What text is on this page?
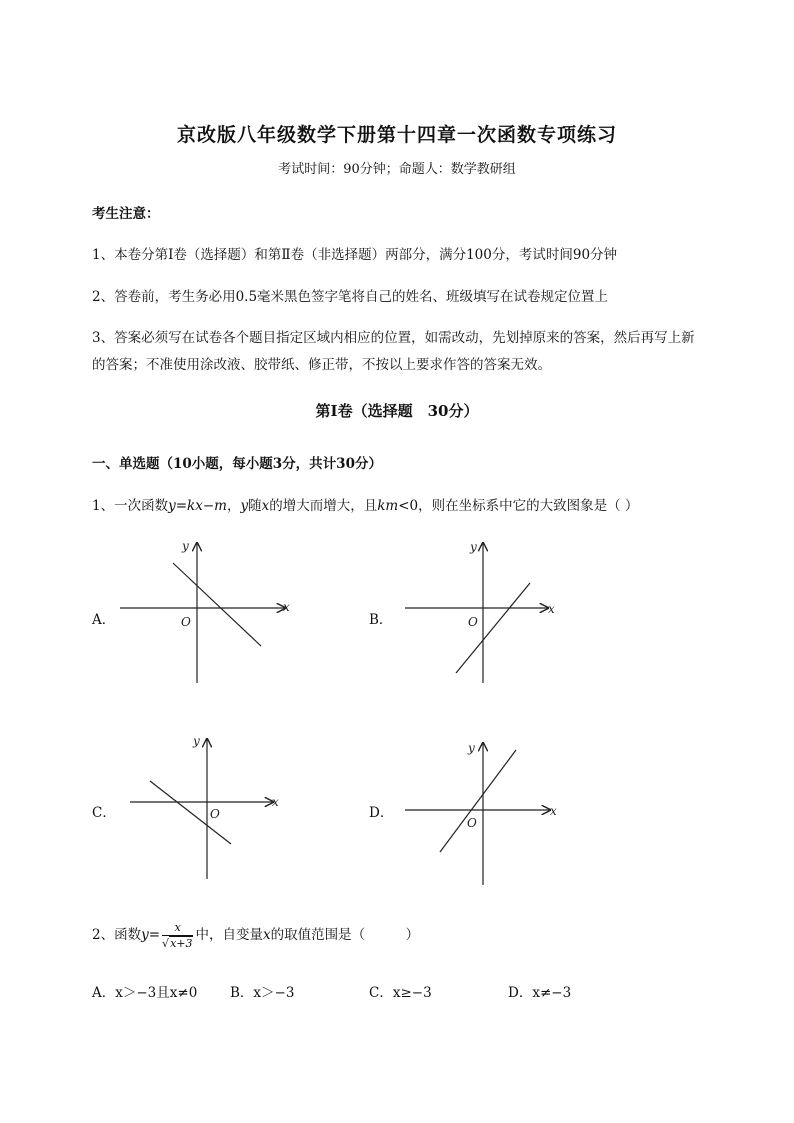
京改版八年级数学下册第十四章一次函数专项练习
考试时间：90分钟；命题人：数学教研组
考生注意：
1、本卷分第Ⅰ卷（选择题）和第Ⅱ卷（非选择题）两部分，满分100分，考试时间90分钟
2、答卷前，考生务必用0.5毫米黑色签字笔将自己的姓名、班级填写在试卷规定位置上
3、答案必须写在试卷各个题目指定区域内相应的位置，如需改动，先划掉原来的答案，然后再写上新
的答案；不准使用涂改液、胶带纸、修正带，不按以上要求作答的答案无效。
第Ⅰ卷（选择题　30分）
一、单选题（10小题，每小题3分，共计30分）
1、一次函数y=kx−m，y随x的增大而增大，且km<0，则在坐标系中它的大致图象是（ ）
A．
x
y
O	B．
x
y
O
C．
x
y
O	D．	x
y
O
2、函数$y= \frac{x}{√x+3}$ 中，自变量x的取值范围是（　　　）
A．x＞−3且x≠0 B．x＞−3	C．x≥−3	D．x≠−3
